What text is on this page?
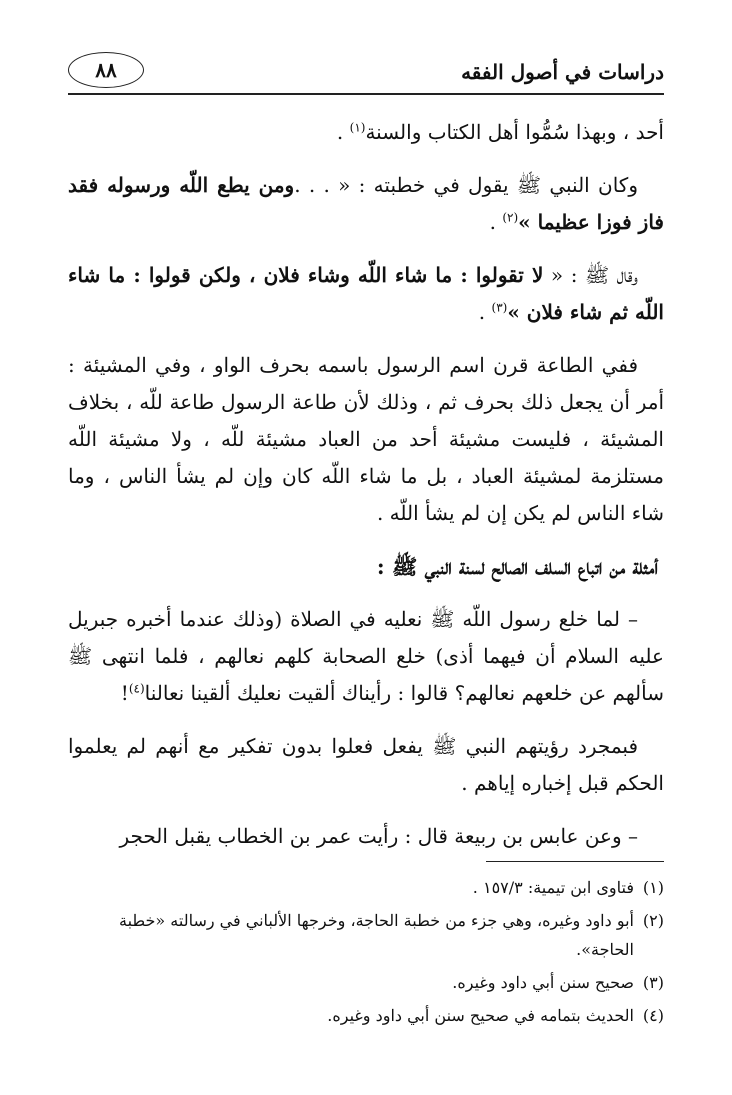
دراسات في أصول الفقه
٨٨

أحد ، وبهذا سُمُّوا أهل الكتاب والسنة$^{(١)}$ .

وكان النبي ﷺ يقول في خطبته : « . . .ومن يطع اللّه ورسوله فقد فاز فوزا عظيما »$^{(٢)}$ .

وقال ﷺ : « لا تقولوا : ما شاء اللّه وشاء فلان ، ولكن قولوا : ما شاء اللّه ثم شاء فلان »$^{(٣)}$ .

ففي الطاعة قرن اسم الرسول باسمه بحرف الواو ، وفي المشيئة : أمر أن يجعل ذلك بحرف ثم ، وذلك لأن طاعة الرسول طاعة للّه ، بخلاف المشيئة ، فليست مشيئة أحد من العباد مشيئة للّه ، ولا مشيئة اللّه مستلزمة لمشيئة العباد ، بل ما شاء اللّه كان وإن لم يشأ الناس ، وما شاء الناس لم يكن إن لم يشأ اللّه .

أمثلة من اتباع السلف الصالح لسنة النبي ﷺ :

– لما خلع رسول اللّه ﷺ نعليه في الصلاة (وذلك عندما أخبره جبريل عليه السلام أن فيهما أذى) خلع الصحابة كلهم نعالهم ، فلما انتهى ﷺ سألهم عن خلعهم نعالهم؟ قالوا : رأيناك ألقيت نعليك ألقينا نعالنا$^{(٤)}$!

فبمجرد رؤيتهم النبي ﷺ يفعل فعلوا بدون تفكير مع أنهم لم يعلموا الحكم قبل إخباره إياهم .

– وعن عابس بن ربيعة قال : رأيت عمر بن الخطاب يقبل الحجر

(١)فتاوى ابن تيمية: ١٥٧/٣ .
(٢)أبو داود وغيره، وهي جزء من خطبة الحاجة، وخرجها الألباني في رسالته «خطبة الحاجة».
(٣)صحيح سنن أبي داود وغيره.
(٤)الحديث بتمامه في صحيح سنن أبي داود وغيره.
